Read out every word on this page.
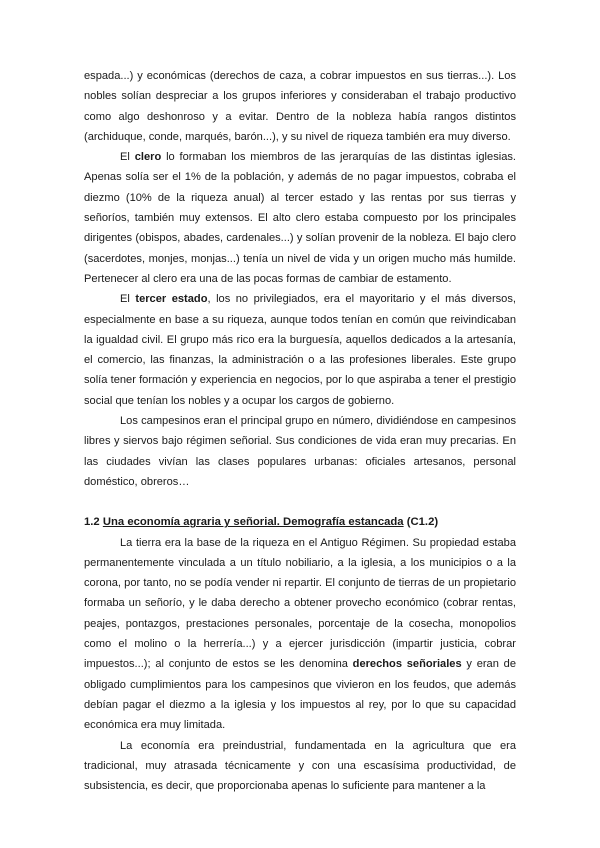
espada...) y económicas (derechos de caza, a cobrar impuestos en sus tierras...). Los nobles solían despreciar a los grupos inferiores y consideraban el trabajo productivo como algo deshonroso y a evitar. Dentro de la nobleza había rangos distintos (archiduque, conde, marqués, barón...), y su nivel de riqueza también era muy diverso.

El clero lo formaban los miembros de las jerarquías de las distintas iglesias. Apenas solía ser el 1% de la población, y además de no pagar impuestos, cobraba el diezmo (10% de la riqueza anual) al tercer estado y las rentas por sus tierras y señoríos, también muy extensos. El alto clero estaba compuesto por los principales dirigentes (obispos, abades, cardenales...) y solían provenir de la nobleza. El bajo clero (sacerdotes, monjes, monjas...) tenía un nivel de vida y un origen mucho más humilde. Pertenecer al clero era una de las pocas formas de cambiar de estamento.

El tercer estado, los no privilegiados, era el mayoritario y el más diversos, especialmente en base a su riqueza, aunque todos tenían en común que reivindicaban la igualdad civil. El grupo más rico era la burguesía, aquellos dedicados a la artesanía, el comercio, las finanzas, la administración o a las profesiones liberales. Este grupo solía tener formación y experiencia en negocios, por lo que aspiraba a tener el prestigio social que tenían los nobles y a ocupar los cargos de gobierno.

Los campesinos eran el principal grupo en número, dividiéndose en campesinos libres y siervos bajo régimen señorial. Sus condiciones de vida eran muy precarias. En las ciudades vivían las clases populares urbanas: oficiales artesanos, personal doméstico, obreros…

1.2 Una economía agraria y señorial. Demografía estancada (C1.2)

La tierra era la base de la riqueza en el Antiguo Régimen. Su propiedad estaba permanentemente vinculada a un título nobiliario, a la iglesia, a los municipios o a la corona, por tanto, no se podía vender ni repartir. El conjunto de tierras de un propietario formaba un señorío, y le daba derecho a obtener provecho económico (cobrar rentas, peajes, pontazgos, prestaciones personales, porcentaje de la cosecha, monopolios como el molino o la herrería...) y a ejercer jurisdicción (impartir justicia, cobrar impuestos...); al conjunto de estos se les denomina derechos señoriales y eran de obligado cumplimientos para los campesinos que vivieron en los feudos, que además debían pagar el diezmo a la iglesia y los impuestos al rey, por lo que su capacidad económica era muy limitada.

La economía era preindustrial, fundamentada en la agricultura que era tradicional, muy atrasada técnicamente y con una escasísima productividad, de subsistencia, es decir, que proporcionaba apenas lo suficiente para mantener a la
